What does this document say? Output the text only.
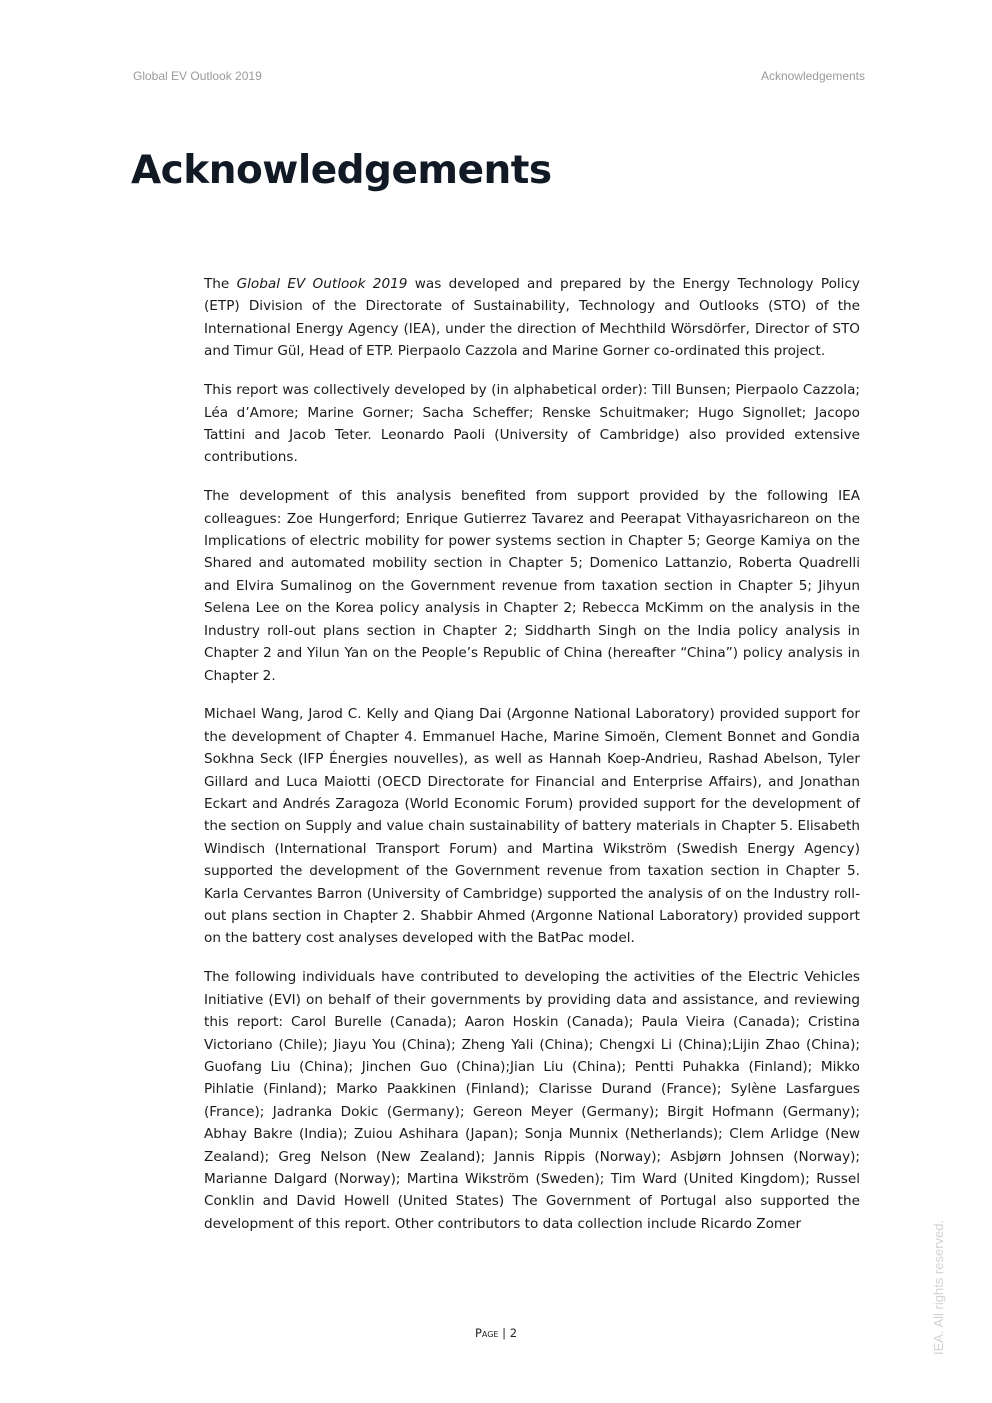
Global EV Outlook 2019	Acknowledgements
Acknowledgements

The Global EV Outlook 2019 was developed and prepared by the Energy Technology Policy (ETP) Division of the Directorate of Sustainability, Technology and Outlooks (STO) of the International Energy Agency (IEA), under the direction of Mechthild Wörsdörfer, Director of STO and Timur Gül, Head of ETP. Pierpaolo Cazzola and Marine Gorner co-ordinated this project.

This report was collectively developed by (in alphabetical order): Till Bunsen; Pierpaolo Cazzola; Léa d’Amore; Marine Gorner; Sacha Scheffer; Renske Schuitmaker; Hugo Signollet; Jacopo Tattini and Jacob Teter. Leonardo Paoli (University of Cambridge) also provided extensive contributions.

The development of this analysis benefited from support provided by the following IEA colleagues: Zoe Hungerford; Enrique Gutierrez Tavarez and Peerapat Vithayasrichareon on the Implications of electric mobility for power systems section in Chapter 5; George Kamiya on the Shared and automated mobility section in Chapter 5; Domenico Lattanzio, Roberta Quadrelli and Elvira Sumalinog on the Government revenue from taxation section in Chapter 5; Jihyun Selena Lee on the Korea policy analysis in Chapter 2; Rebecca McKimm on the analysis in the Industry roll-out plans section in Chapter 2; Siddharth Singh on the India policy analysis in Chapter 2 and Yilun Yan on the People’s Republic of China (hereafter “China”) policy analysis in Chapter 2.

Michael Wang, Jarod C. Kelly and Qiang Dai (Argonne National Laboratory) provided support for the development of Chapter 4. Emmanuel Hache, Marine Simoën, Clement Bonnet and Gondia Sokhna Seck (IFP Énergies nouvelles), as well as Hannah Koep-Andrieu, Rashad Abelson, Tyler Gillard and Luca Maiotti (OECD Directorate for Financial and Enterprise Affairs), and Jonathan Eckart and Andrés Zaragoza (World Economic Forum) provided support for the development of the section on Supply and value chain sustainability of battery materials in Chapter 5. Elisabeth Windisch (International Transport Forum) and Martina Wikström (Swedish Energy Agency) supported the development of the Government revenue from taxation section in Chapter 5. Karla Cervantes Barron (University of Cambridge) supported the analysis of on the Industry roll-out plans section in Chapter 2. Shabbir Ahmed (Argonne National Laboratory) provided support on the battery cost analyses developed with the BatPac model.

The following individuals have contributed to developing the activities of the Electric Vehicles Initiative (EVI) on behalf of their governments by providing data and assistance, and reviewing this report: Carol Burelle (Canada); Aaron Hoskin (Canada); Paula Vieira (Canada); Cristina Victoriano (Chile); Jiayu You (China); Zheng Yali (China); Chengxi Li (China);Lijin Zhao (China); Guofang Liu (China); Jinchen Guo (China);Jian Liu (China); Pentti Puhakka (Finland); Mikko Pihlatie (Finland); Marko Paakkinen (Finland); Clarisse Durand (France); Sylène Lasfargues (France); Jadranka Dokic (Germany); Gereon Meyer (Germany); Birgit Hofmann (Germany); Abhay Bakre (India); Zuiou Ashihara (Japan); Sonja Munnix (Netherlands); Clem Arlidge (New Zealand); Greg Nelson (New Zealand); Jannis Rippis (Norway); Asbjørn Johnsen (Norway); Marianne Dalgard (Norway); Martina Wikström (Sweden); Tim Ward (United Kingdom); Russel Conklin and David Howell (United States) The Government of Portugal also supported the development of this report. Other contributors to data collection include Ricardo Zomer

Page | 2	IEA. All rights reserved.
